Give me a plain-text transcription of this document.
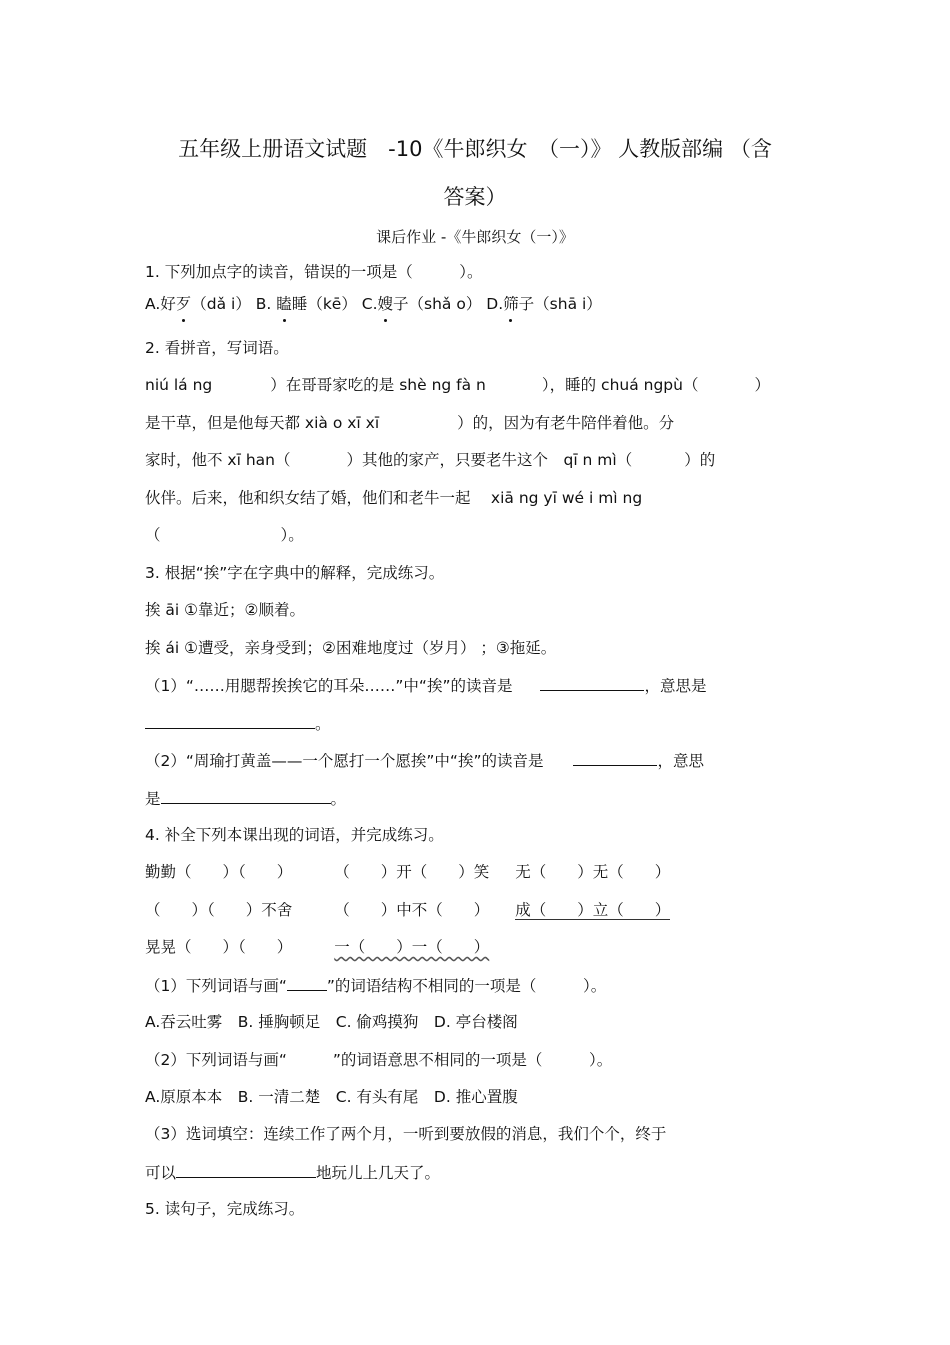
五年级上册语文试题　-10《牛郎织女　（一）》 人教版部编 （含
答案）
课后作业 -《牛郎织女（一）》
1. 下列加点字的读音，错误的一项是（　　　）。
A.好歹（dǎ i） B. 瞌睡（kē） C.嫂子（shǎ o） D.筛子（shā i）
2. 看拼音，写词语。
niú lá ng	）在哥哥家吃的是 shè ng fà n	），睡的 chuá ngpù（	）
是干草，但是他每天都 xià o xī xī	）的，因为有老牛陪伴着他。分
家时，他不 xī han（	）其他的家产，只要老牛这个　qī n mì（	）的
伙伴。后来，他和织女结了婚，他们和老牛一起　 xiā ng yī wé i mì ng
（	）。
3. 根据“挨”字在字典中的解释，完成练习。
挨 āi ①靠近；②顺着。
挨 ái ①遭受，亲身受到；②困难地度过（岁月） ；③拖延。
（1）“……用腮帮挨挨它的耳朵……”中“挨”的读音是	，意思是
。
（2）“周瑜打黄盖——一个愿打一个愿挨”中“挨”的读音是	，意思
是	。
4. 补全下列本课出现的词语，并完成练习。
勤勤（　　）（　　）	（　　）开（　　）笑 无（　　）无（　　）
（　　）（　　）不舍	（　　）中不（　　） 成（　　）立（　　）
晃晃（　　）（　　）	一（　　）一（　　）
（1）下列词语与画“	”的词语结构不相同的一项是（　　　）。
A.吞云吐雾　B. 捶胸顿足　C. 偷鸡摸狗　D. 亭台楼阁
（2）下列词语与画“	”的词语意思不相同的一项是（　　　）。
A.原原本本　B. 一清二楚　C. 有头有尾　D. 推心置腹
（3）选词填空：连续工作了两个月，一听到要放假的消息，我们个个，终于
可以	地玩儿上几天了。
5. 读句子，完成练习。
